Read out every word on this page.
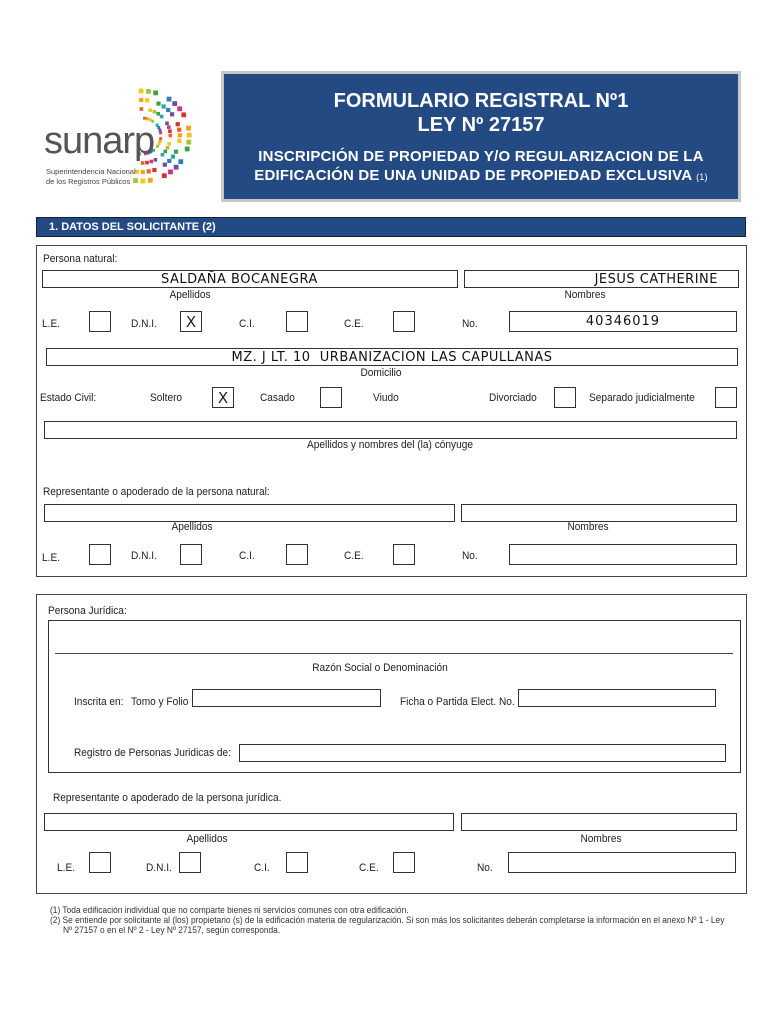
sunarp
Superintendencia Nacional
de los Registros Públicos
FORMULARIO REGISTRAL Nº1
LEY Nº 27157
INSCRIPCIÓN DE PROPIEDAD Y/O REGULARIZACION DE LA
EDIFICACIÓN DE UNA UNIDAD DE PROPIEDAD EXCLUSIVA (1)
1. DATOS DEL SOLICITANTE (2)
Persona natural:
SALDAÑA BOCANEGRA	JESUS CATHERINE
Apellidos	Nombres
L.E.	D.N.I.	X	C.I.	C.E.	No.	40346019
MZ. J LT. 10  URBANIZACION LAS CAPULLANAS
Domicilio
Estado Civil:	Soltero	X	Casado	Viudo	Divorciado	Separado judicialmente
Apellidos y nombres del (la) cónyuge
Representante o apoderado de la persona natural:
Apellidos	Nombres
L.E.	D.N.I.	C.I.	C.E.	No.
Persona Jurídica:
Razón Social o Denominación
Inscrita en: Tomo y Folio	Ficha o Partida Elect. No.
Registro de Personas Juridicas de:
Representante o apoderado de la persona jurídica.
Apellidos	Nombres
L.E.	D.N.I.	C.I.	C.E.	No.
(1) Toda edificación individual que no comparte bienes ni servicios comunes con otra edificación.
(2) Se entiende por solicitante al (los) propietario (s) de la edificación materia de regularización. Si son más los solicitantes deberán completarse la información en el anexo Nº 1 - Ley
Nº 27157 o en el Nº 2 - Ley Nº 27157, según corresponda.
